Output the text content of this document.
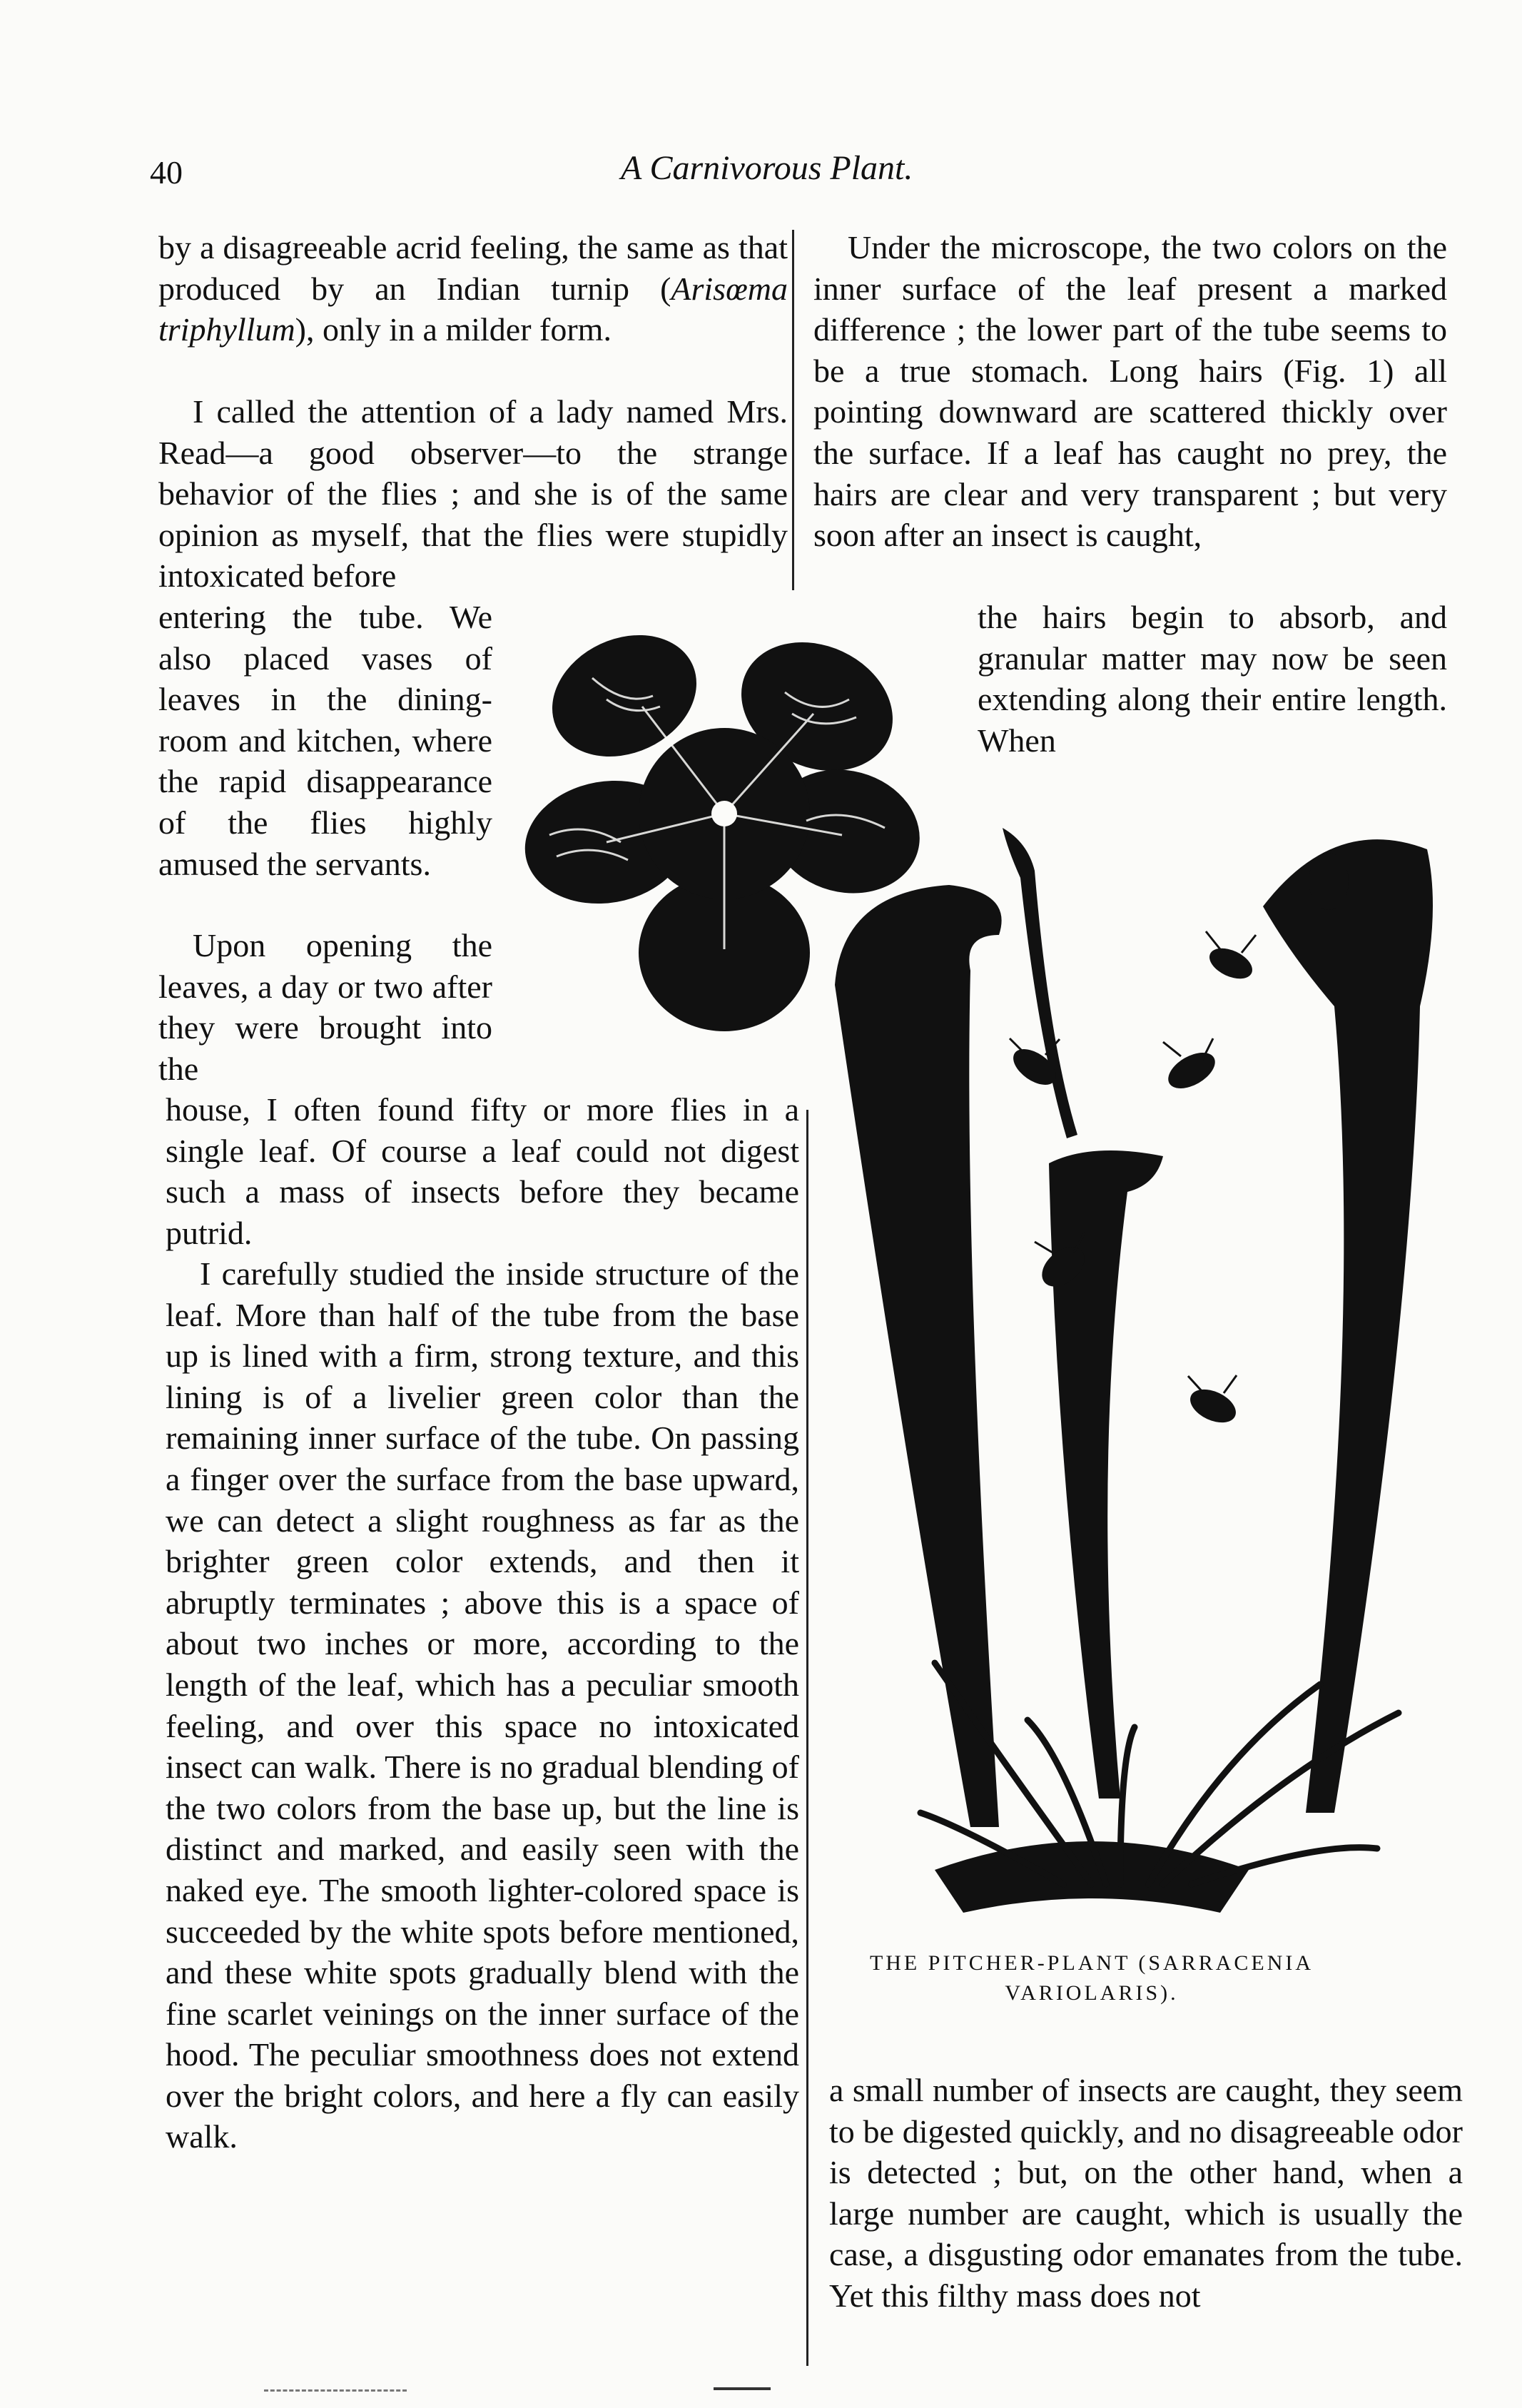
40	A Carnivorous Plant.

by a disagreeable acrid feeling, the same as that produced by an Indian turnip (Arisœma triphyllum), only in a milder form.

I called the attention of a lady named Mrs. Read—a good observer—to the strange behavior of the flies ; and she is of the same opinion as myself, that the flies were stupidly intoxicated before

entering the tube. We also placed vases of leaves in the dining-room and kitchen, where the rapid disappearance of the flies highly amused the servants.

Upon opening the leaves, a day or two after they were brought into the

house, I often found fifty or more flies in a single leaf. Of course a leaf could not digest such a mass of insects before they became putrid.

I carefully studied the inside structure of the leaf. More than half of the tube from the base up is lined with a firm, strong texture, and this lining is of a livelier green color than the remaining inner surface of the tube. On passing a finger over the surface from the base upward, we can detect a slight roughness as far as the brighter green color extends, and then it abruptly terminates ; above this is a space of about two inches or more, according to the length of the leaf, which has a peculiar smooth feeling, and over this space no intoxicated insect can walk. There is no gradual blending of the two colors from the base up, but the line is distinct and marked, and easily seen with the naked eye. The smooth lighter-colored space is succeeded by the white spots before mentioned, and these white spots gradually blend with the fine scarlet veinings on the inner surface of the hood. The peculiar smoothness does not extend over the bright colors, and here a fly can easily walk.

Under the microscope, the two colors on the inner surface of the leaf present a marked difference ; the lower part of the tube seems to be a true stomach. Long hairs (Fig. 1) all pointing downward are scattered thickly over the surface. If a leaf has caught no prey, the hairs are clear and very transparent ; but very soon after an insect is caught,

the hairs begin to absorb, and granular matter may now be seen extending along their entire length. When

a small number of insects are caught, they seem to be digested quickly, and no disagreeable odor is detected ; but, on the other hand, when a large number are caught, which is usually the case, a disgusting odor emanates from the tube. Yet this filthy mass does not

THE PITCHER-PLANT (SARRACENIA VARIOLARIS).
